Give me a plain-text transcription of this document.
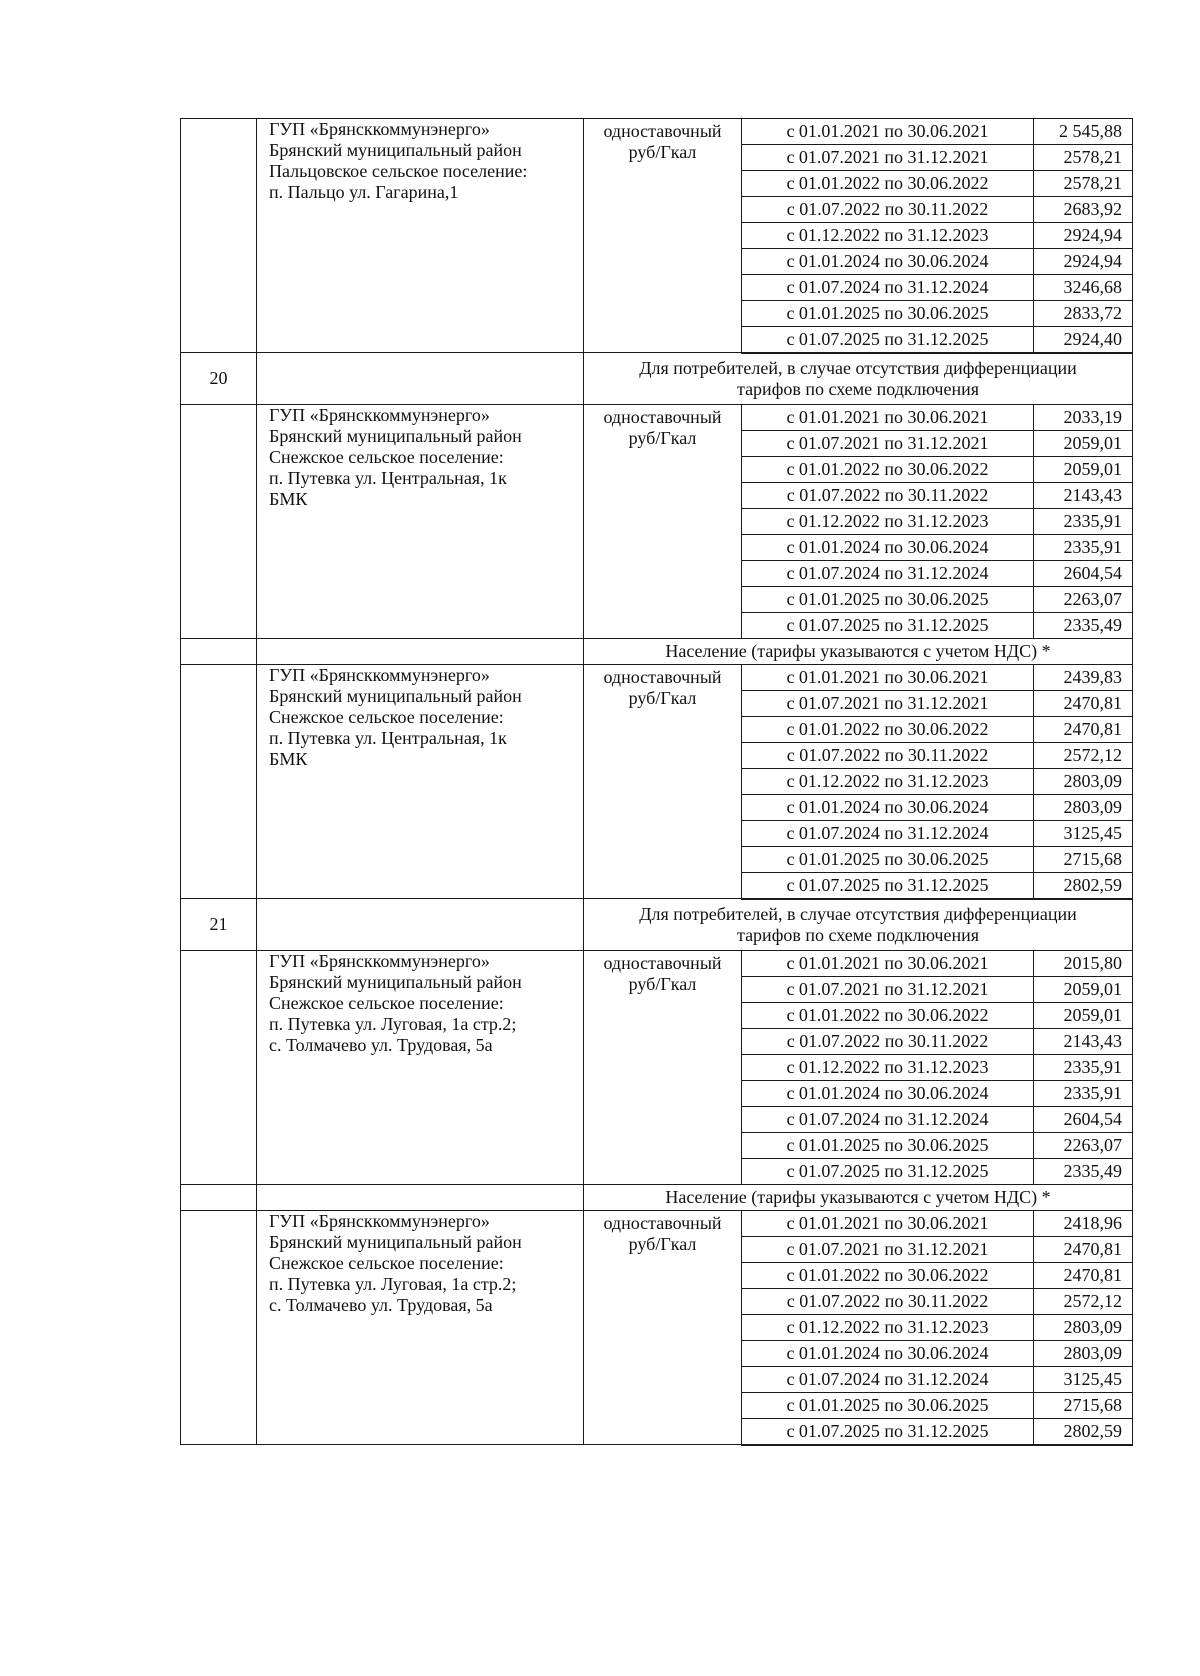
	ГУП «Брянсккоммунэнерго»
Брянский муниципальный район
Пальцовское сельское поселение:
п. Пальцо ул. Гагарина,1	одноставочный
руб/Гкал	с 01.01.2021 по 30.06.2021	2 545,88
			с 01.07.2021 по 31.12.2021	2578,21
			с 01.01.2022 по 30.06.2022	2578,21
			с 01.07.2022 по 30.11.2022	2683,92
			с 01.12.2022 по 31.12.2023	2924,94
			с 01.01.2024 по 30.06.2024	2924,94
			с 01.07.2024 по 31.12.2024	3246,68
			с 01.01.2025 по 30.06.2025	2833,72
			с 01.07.2025 по 31.12.2025	2924,40
20		Для потребителей, в случае отсутствия дифференциации
тарифов по схеме подключения		

	ГУП «Брянсккоммунэнерго»
Брянский муниципальный район
Снежское сельское поселение:
п. Путевка ул. Центральная, 1к
БМК	одноставочный
руб/Гкал	с 01.01.2021 по 30.06.2021	2033,19
			с 01.07.2021 по 31.12.2021	2059,01
			с 01.01.2022 по 30.06.2022	2059,01
			с 01.07.2022 по 30.11.2022	2143,43
			с 01.12.2022 по 31.12.2023	2335,91
			с 01.01.2024 по 30.06.2024	2335,91
			с 01.07.2024 по 31.12.2024	2604,54
			с 01.01.2025 по 30.06.2025	2263,07
			с 01.07.2025 по 31.12.2025	2335,49
		Население (тарифы указываются с учетом НДС) *		

	ГУП «Брянсккоммунэнерго»
Брянский муниципальный район
Снежское сельское поселение:
п. Путевка ул. Центральная, 1к
БМК	одноставочный
руб/Гкал	с 01.01.2021 по 30.06.2021	2439,83
			с 01.07.2021 по 31.12.2021	2470,81
			с 01.01.2022 по 30.06.2022	2470,81
			с 01.07.2022 по 30.11.2022	2572,12
			с 01.12.2022 по 31.12.2023	2803,09
			с 01.01.2024 по 30.06.2024	2803,09
			с 01.07.2024 по 31.12.2024	3125,45
			с 01.01.2025 по 30.06.2025	2715,68
			с 01.07.2025 по 31.12.2025	2802,59
21		Для потребителей, в случае отсутствия дифференциации
тарифов по схеме подключения		

	ГУП «Брянсккоммунэнерго»
Брянский муниципальный район
Снежское сельское поселение:
п. Путевка ул. Луговая, 1а стр.2;
с. Толмачево ул. Трудовая, 5а	одноставочный
руб/Гкал	с 01.01.2021 по 30.06.2021	2015,80
			с 01.07.2021 по 31.12.2021	2059,01
			с 01.01.2022 по 30.06.2022	2059,01
			с 01.07.2022 по 30.11.2022	2143,43
			с 01.12.2022 по 31.12.2023	2335,91
			с 01.01.2024 по 30.06.2024	2335,91
			с 01.07.2024 по 31.12.2024	2604,54
			с 01.01.2025 по 30.06.2025	2263,07
			с 01.07.2025 по 31.12.2025	2335,49
		Население (тарифы указываются с учетом НДС) *		

	ГУП «Брянсккоммунэнерго»
Брянский муниципальный район
Снежское сельское поселение:
п. Путевка ул. Луговая, 1а стр.2;
с. Толмачево ул. Трудовая, 5а	одноставочный
руб/Гкал	с 01.01.2021 по 30.06.2021	2418,96
			с 01.07.2021 по 31.12.2021	2470,81
			с 01.01.2022 по 30.06.2022	2470,81
			с 01.07.2022 по 30.11.2022	2572,12
			с 01.12.2022 по 31.12.2023	2803,09
			с 01.01.2024 по 30.06.2024	2803,09
			с 01.07.2024 по 31.12.2024	3125,45
			с 01.01.2025 по 30.06.2025	2715,68
			с 01.07.2025 по 31.12.2025	2802,59
